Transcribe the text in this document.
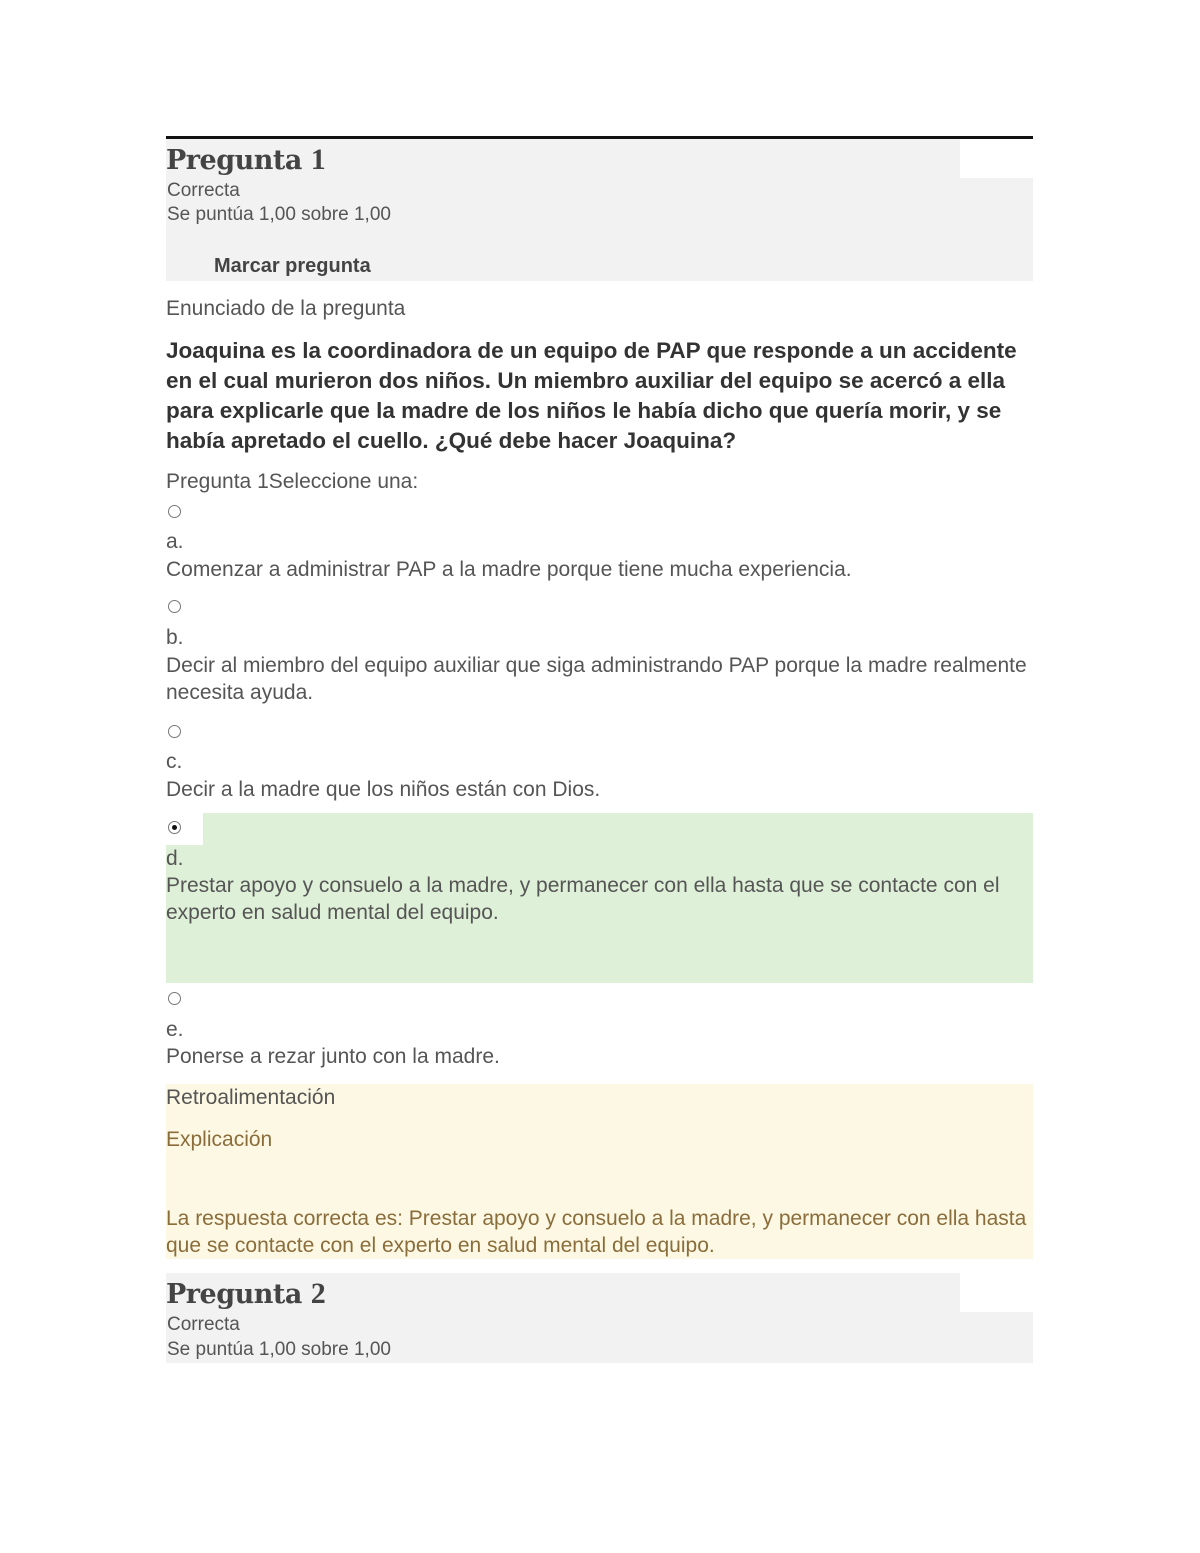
Pregunta 1
Correcta
Se puntúa 1,00 sobre 1,00
Marcar pregunta
Enunciado de la pregunta
Joaquina es la coordinadora de un equipo de PAP que responde a un accidente en el cual murieron dos niños. Un miembro auxiliar del equipo se acercó a ella para explicarle que la madre de los niños le había dicho que quería morir, y se había apretado el cuello. ¿Qué debe hacer Joaquina?
Pregunta 1Seleccione una:
a.
Comenzar a administrar PAP a la madre porque tiene mucha experiencia.
b.
Decir al miembro del equipo auxiliar que siga administrando PAP porque la madre realmente necesita ayuda.
c.
Decir a la madre que los niños están con Dios.
d.
Prestar apoyo y consuelo a la madre, y permanecer con ella hasta que se contacte con el experto en salud mental del equipo.
e.
Ponerse a rezar junto con la madre.
Retroalimentación
Explicación
La respuesta correcta es: Prestar apoyo y consuelo a la madre, y permanecer con ella hasta que se contacte con el experto en salud mental del equipo.
Pregunta 2
Correcta
Se puntúa 1,00 sobre 1,00
